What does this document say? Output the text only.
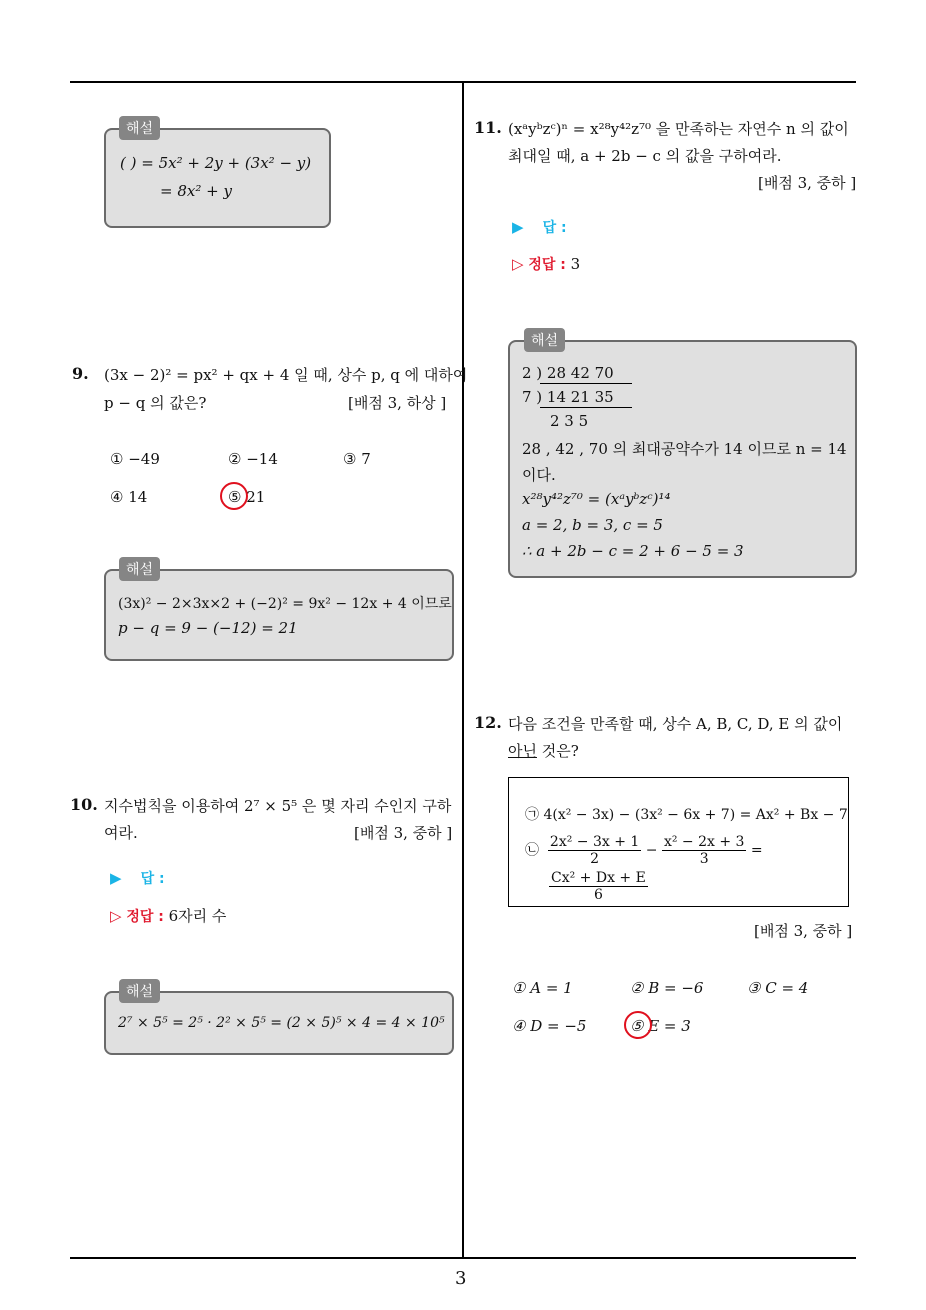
3
( ) = 5x² + 2y + (3x² − y)
= 8x² + y
해설
9. (3x − 2)² = px² + qx + 4 일 때, 상수 p, q 에 대하여
p − q 의 값은?	[배점 3, 하상 ]
① −49	② −14	③ 7
④ 14	⑤ 21
(3x)² − 2×3x×2 + (−2)² = 9x² − 12x + 4 이므로
p − q = 9 − (−12) = 21
해설
10. 지수법칙을 이용하여 2⁷ × 5⁵ 은 몇 자리 수인지 구하
여라.	[배점 3, 중하 ]
▶ 답 :
▷ 정답 : 6자리 수
2⁷ × 5⁵ = 2⁵ · 2² × 5⁵ = (2 × 5)⁵ × 4 = 4 × 10⁵
해설
11. (xᵃyᵇzᶜ)ⁿ = x²⁸y⁴²z⁷⁰ 을 만족하는 자연수 n 의 값이
최대일 때, a + 2b − c 의 값을 구하여라.
[배점 3, 중하 ]
▶ 답 :
▷ 정답 : 3
2 ) 28 42 70
7 ) 14 21 35
2 3 5
28 , 42 , 70 의 최대공약수가 14 이므로 n = 14
이다.
x²⁸y⁴²z⁷⁰ = (xᵃyᵇzᶜ)¹⁴
a = 2, b = 3, c = 5
∴ a + 2b − c = 2 + 6 − 5 = 3
해설
12. 다음 조건을 만족할 때, 상수 A, B, C, D, E 의 값이
아닌 것은?
㉠ 4(x² − 3x) − (3x² − 6x + 7) = Ax² + Bx − 7
㉡ $\frac{\text{2x² − 3x + 1}}{2} - \frac{\text{x² − 2x + 3}}{3}$ =
$\frac{\text{Cx² + Dx + E}}{6}$
[배점 3, 중하 ]
① A = 1	② B = −6	③ C = 4
④ D = −5	⑤ E = 3
